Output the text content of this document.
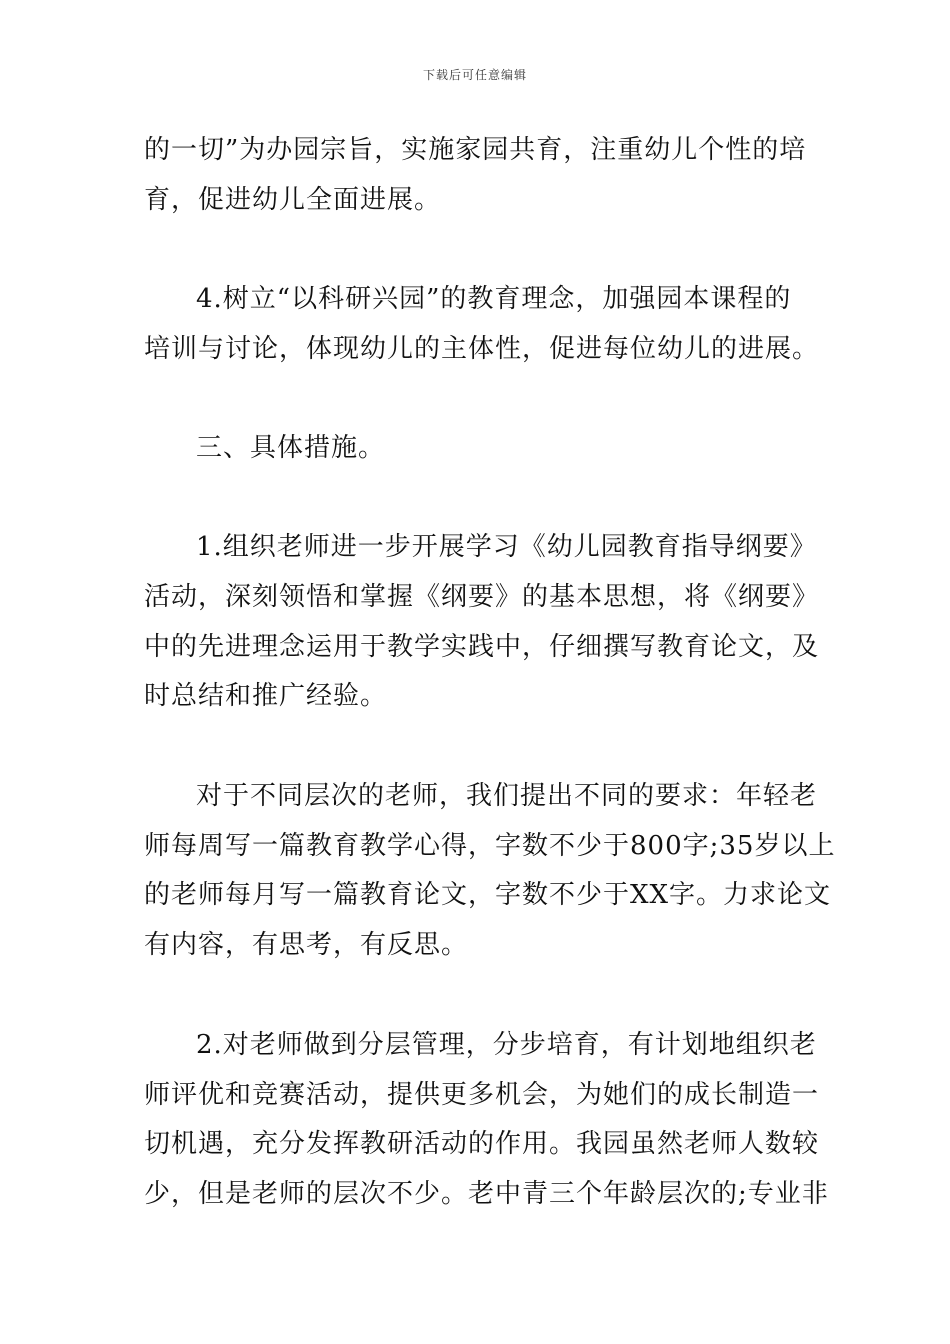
下载后可任意编辑
的一切”为办园宗旨，实施家园共育，注重幼儿个性的培
育，促进幼儿全面进展。
4.树立“以科研兴园”的教育理念，加强园本课程的
培训与讨论，体现幼儿的主体性，促进每位幼儿的进展。
三、具体措施。
1.组织老师进一步开展学习《幼儿园教育指导纲要》
活动，深刻领悟和掌握《纲要》的基本思想，将《纲要》
中的先进理念运用于教学实践中，仔细撰写教育论文，及
时总结和推广经验。
对于不同层次的老师，我们提出不同的要求：年轻老
师每周写一篇教育教学心得，字数不少于800字;35岁以上
的老师每月写一篇教育论文，字数不少于XX字。力求论文
有内容，有思考，有反思。
2.对老师做到分层管理，分步培育，有计划地组织老
师评优和竞赛活动，提供更多机会，为她们的成长制造一
切机遇，充分发挥教研活动的作用。我园虽然老师人数较
少，但是老师的层次不少。老中青三个年龄层次的;专业非
